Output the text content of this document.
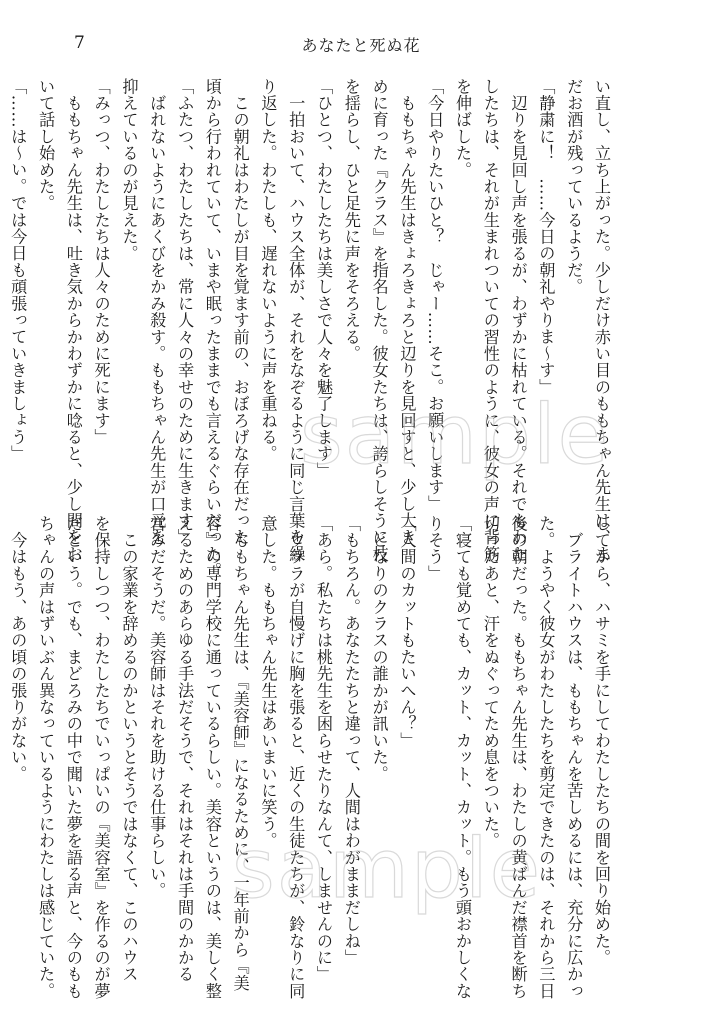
7	あなたと死ぬ花
い直し、立ち上がった。少しだけ赤い目のももちゃん先生は、ま
だお酒が残っているようだ。
「静粛に！　……今日の朝礼やりま〜す」
　辺りを見回し声を張るが、わずかに枯れている。それでもわた
したちは、それが生まれついての習性のように、彼女の声に背筋
を伸ばした。
「今日やりたいひと？　じゃー……そこ。お願いします」
　ももちゃん先生はきょろきょろと辺りを見回すと、少し大き
めに育った『クラス』を指名した。彼女たちは、誇らしそうに枝
を揺らし、ひと足先に声をそろえる。
「ひとつ、わたしたちは美しさで人々を魅了します」
　一拍おいて、ハウス全体が、それをなぞるように同じ言葉を繰
り返した。わたしも、遅れないように声を重ねる。
　この朝礼はわたしが目を覚ます前の、おぼろげな存在だった
頃から行われていて、いまや眠ったままでも言えるぐらいだった。
「ふたつ、わたしたちは、常に人々の幸せのために生きます」
　ばれないようにあくびをかみ殺す。ももちゃん先生が口元を
抑えているのが見えた。
「みっつ、わたしたちは人々のために死にます」
　ももちゃん先生は、吐き気からかわずかに唸ると、少し間をお
いて話し始めた。
「……は〜い。では今日も頑張っていきましょう」
してから、ハサミを手にしてわたしたちの間を回り始めた。
　ブライトハウスは、ももちゃんを苦しめるには、充分に広かっ
た。ようやく彼女がわたしたちを剪定できたのは、それから三日
後の朝だった。ももちゃん先生は、わたしの黄ばんだ襟首を断ち
切ったあと、汗をぬぐってため息をついた。
「寝ても覚めても、カット、カット、カット。もう頭おかしくな
りそう」
「人間のカットもたいへん？」
　となりのクラスの誰かが訊いた。
「もちろん。あなたたちと違って、人間はわがままだしね」
「あら。私たちは桃先生を困らせたりなんて、しませんのに」
　ウララが自慢げに胸を張ると、近くの生徒たちが、鈴なりに同
意した。ももちゃん先生はあいまいに笑う。
　ももちゃん先生は、『美容師』になるために、一年前から『美
容』の専門学校に通っているらしい。美容というのは、美しく整
えるためのあらゆる手法だそうで、それはそれは手間のかかる
営みだそうだ。美容師はそれを助ける仕事らしい。
　この家業を辞めるのかというとそうではなくて、このハウス
を保持しつつ、わたしたちでいっぱいの『美容室』を作るのが夢
だという。でも、まどろみの中で聞いた夢を語る声と、今のもも
ちゃんの声はずいぶん異なっているようにわたしは感じていた。
　今はもう、あの頃の張りがない。
sample
sample
